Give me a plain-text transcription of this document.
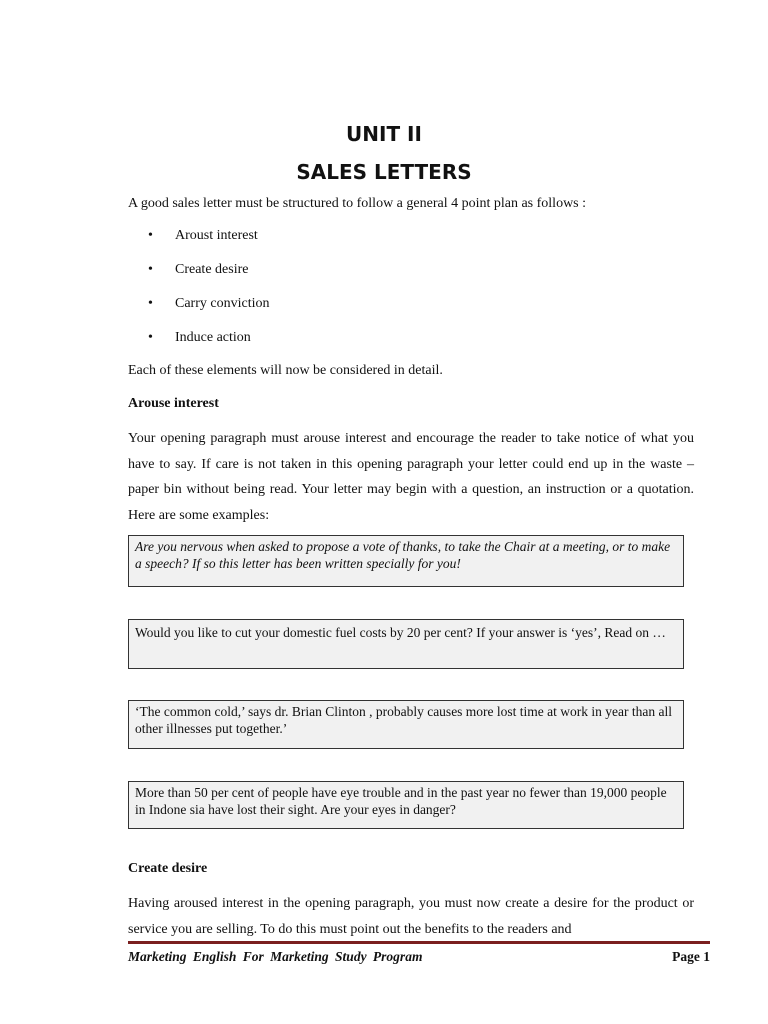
UNIT II
SALES LETTERS
A good sales letter must be structured to follow a general 4 point plan as follows :
• Aroust interest
• Create desire
• Carry conviction
• Induce action

Each of these elements will now be considered in detail.

Arouse interest

Your opening paragraph must arouse interest and encourage the reader to take notice of what you have to say. If care is not taken in this opening paragraph your letter could end up in the waste – paper bin without being read. Your letter may begin with a question, an instruction or a quotation. Here are some examples:

Are you nervous when asked to propose a vote of thanks, to take the Chair at a meeting, or to make a speech? If so this letter has been written specially for you!
Would you like to cut your domestic fuel costs by 20 per cent? If your answer is ‘yes’, Read on …
‘The common cold,’ says dr. Brian Clinton , probably causes more lost time at work in year than all other illnesses put together.’
More than 50 per cent of people have eye trouble and in the past year no fewer than 19,000 people in Indone sia have lost their sight. Are your eyes in danger?

Create desire

Having aroused interest in the opening paragraph, you must now create a desire for the product or service you are selling. To do this must point out the benefits to the readers and

Marketing English For Marketing Study Program	Page 1
